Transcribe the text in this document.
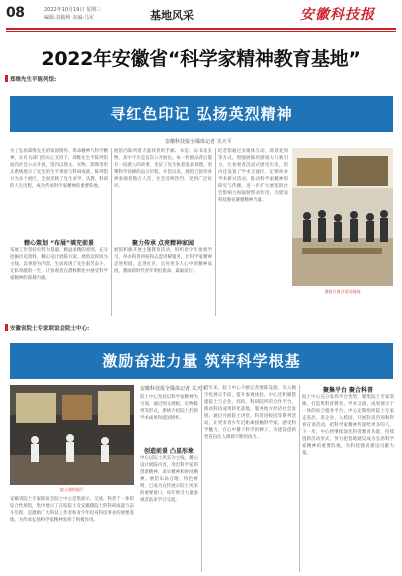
08	2022年10月19日 星期三
编辑:刘俊岭 美编:马军	基地风采	安徽科技报
2022年安徽省“科学家精神教育基地”
郑维先生平陈列馆:
寻红色印记 弘扬英烈精神
安徽科技报全媒体记者 关天平
为了弘扬郑维先生的家国情怀、革命精神与科学精神，在有关部门的关心支持下，郑维先生平陈列馆面向社会公众开放，馆内以图文、实物、影像等形式系统展示了先生的生平事迹与科研成就。陈列馆分为多个展区，全面反映了先生求学、从教、科研的人生历程，成为传承科学家精神的重要阵地。
精心策划 “布展”填充前景
布展工作坚持史料为基础、精益求精的原则，充分挖掘历史资料，精心设计展陈方案。展馆以时间为主线，以事迹为内容，生动再现了先生艰苦奋斗、无私奉献的一生，让参观者在潜移默化中感受科学家精神的深刻内涵。
展馆内陈列着大量珍贵的手稿、书信、证书及实物，其中不少是首次公开展出。每一件展品背后都有一段感人的故事，见证了先生执着追求真理、勇攀科学高峰的奋斗历程。开馆以来，展馆已接待各界参观者数万人次，社会反响热烈，受到广泛好评。
聚力传承 点亮精神家园
展馆积极开展主题教育活动，组织青少年参观学习，举办科普讲座和志愿讲解服务，让科学家精神走进校园、走进社区，点亮更多人心中的精神家园，激励新时代青年勇担使命、砥砺前行。
纪念馆通过多媒体互动、场景复原等方式，增强展陈的感染力与吸引力，让参观者沉浸式感受历史。馆内还设置了学术交流区，定期举办学术研讨活动，推动科学家精神的研究与传播，进一步扩大展馆的社会影响力和辐射带动作用，为建设科技强省凝聚精神力量。
展馆开放日活动现场
安徽省院士专家联谊会院士中心:
激励奋进力量 筑牢科学根基
院士展馆展厅
安徽省院士专家联谊会院士中心是集展示、交流、科普于一体的综合性场馆，集中展示了在皖院士及安徽籍院士的科研成就与奋斗历程，是激励广大科技工作者和青少年投身科技事业的重要基地，为传承弘扬科学家精神发挥了积极作用。
安徽科技报全媒体记者 关天平
院士中心坚持以科学家精神为引领，通过图文展板、实物陈列等形式，系统介绍院士们的学术成果和爱国情怀。
创造前景 凸显形象
中心以院士风采为主线，精心设计展陈内容，突出科学家的创新精神、求实精神和协同精神。展馆布局合理、特色鲜明，已成为宣传展示院士风采的重要窗口，每年吸引大量参观者前来学习交流。
近年来，院士中心不断完善展陈设施，引入数字化展示手段，提升参观体验。中心还积极搭建院士与企业、高校、科研院所的合作平台，推动科技成果转化落地，服务地方经济社会发展。通过开展院士讲堂、科普进校园等系列活动，让更多青少年近距离接触科学家，感受科学魅力，在心中播下科学的种子，为建设创新型省份注入源源不断的动力。
聚集平台 聚合科普
院士中心充分发挥平台优势，聚集院士专家资源，打造集科普教育、学术交流、成果展示于一体的综合服务平台。中心定期组织院士专家走基层、进企业、入校园，开展科技咨询和科普宣讲活动，把科学家精神传递给更多的人。下一步，中心将继续深化科普教育功能，持续创新活动形式，努力把基地建设成为弘扬科学家精神的重要阵地，为科技强省建设贡献力量。
